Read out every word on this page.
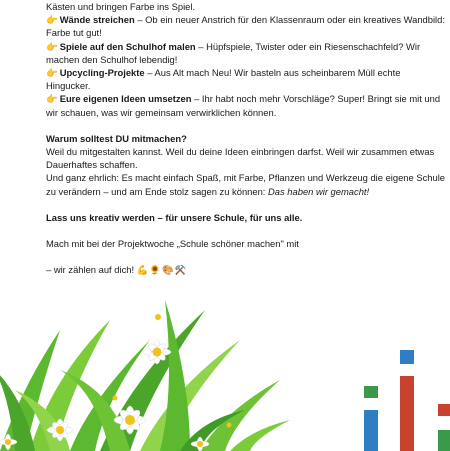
Kästen und bringen Farbe ins Spiel.

👉 Wände streichen – Ob ein neuer Anstrich für den Klassenraum oder ein kreatives Wandbild: Farbe tut gut!

👉 Spiele auf den Schulhof malen – Hüpfspiele, Twister oder ein Riesenschachfeld? Wir machen den Schulhof lebendig!

👉 Upcycling-Projekte – Aus Alt mach Neu! Wir basteln aus scheinbarem Müll echte Hingucker.

👉 Eure eigenen Ideen umsetzen – Ihr habt noch mehr Vorschläge? Super! Bringt sie mit und wir schauen, was wir gemeinsam verwirklichen können.

Warum solltest DU mitmachen?

Weil du mitgestalten kannst. Weil du deine Ideen einbringen darfst. Weil wir zusammen etwas Dauerhaftes schaffen.

Und ganz ehrlich: Es macht einfach Spaß, mit Farbe, Pflanzen und Werkzeug die eigene Schule zu verändern – und am Ende stolz sagen zu können: Das haben wir gemacht!

Lass uns kreativ werden – für unsere Schule, für uns alle.

Mach mit bei der Projektwoche „Schule schöner machen" mit

– wir zählen auf dich! 💪🌻🎨⚒️
